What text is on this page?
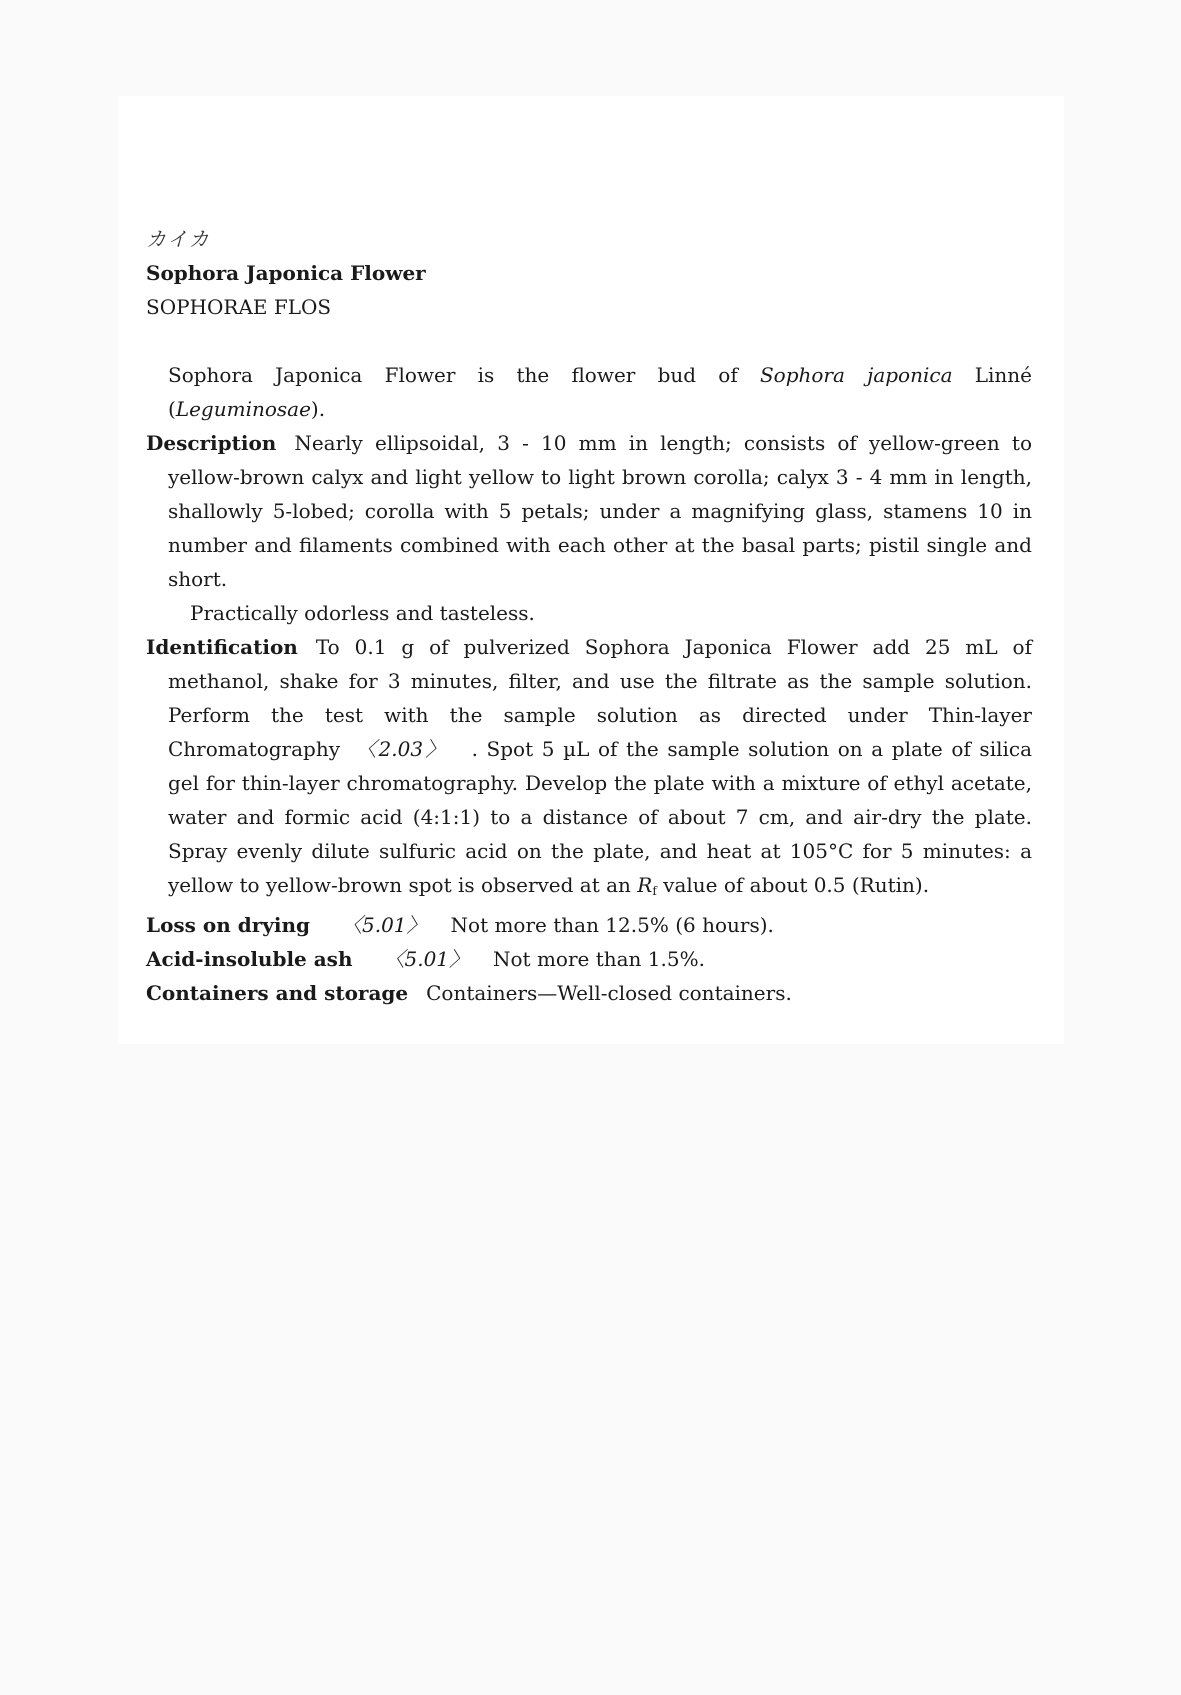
カイカ
Sophora Japonica Flower
SOPHORAE FLOS
Sophora Japonica Flower is the flower bud of Sophora japonica Linné (Leguminosae).
Description Nearly ellipsoidal, 3 - 10 mm in length; consists of yellow-green to yellow-brown calyx and light yellow to light brown corolla; calyx 3 - 4 mm in length, shallowly 5-lobed; corolla with 5 petals; under a magnifying glass, stamens 10 in number and filaments combined with each other at the basal parts; pistil single and short.
Practically odorless and tasteless.
Identification To 0.1 g of pulverized Sophora Japonica Flower add 25 mL of methanol, shake for 3 minutes, filter, and use the filtrate as the sample solution. Perform the test with the sample solution as directed under Thin-layer Chromatography 〈2.03〉 . Spot 5 µL of the sample solution on a plate of silica gel for thin-layer chromatography. Develop the plate with a mixture of ethyl acetate, water and formic acid (4:1:1) to a distance of about 7 cm, and air-dry the plate. Spray evenly dilute sulfuric acid on the plate, and heat at 105°C for 5 minutes: a yellow to yellow-brown spot is observed at an $R_f$ value of about 0.5 (Rutin).
Loss on drying 〈5.01〉 Not more than 12.5% (6 hours).
Acid-insoluble ash 〈5.01〉 Not more than 1.5%.
Containers and storage Containers—Well-closed containers.
